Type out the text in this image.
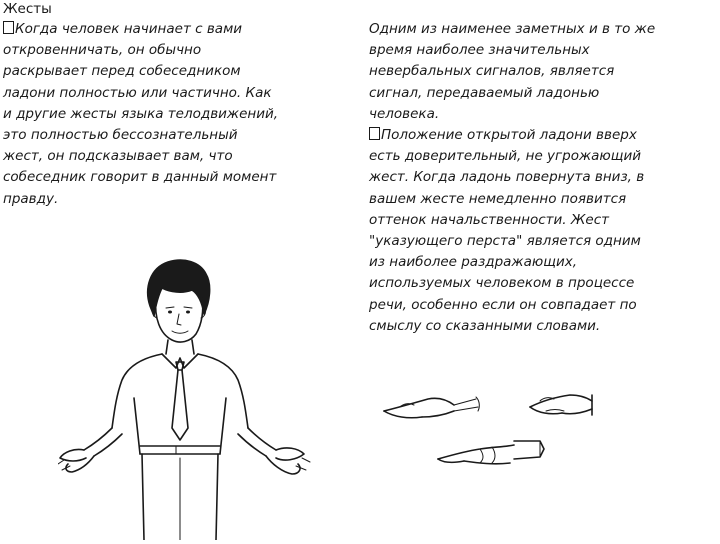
Жесты
Когда человек начинает с вами
откровенничать, он обычно
раскрывает перед собеседником
ладони полностью или частично. Как
и другие жесты языка телодвижений,
это полностью бессознательный
жест, он подсказывает вам, что
собеседник говорит в данный момент
правду.
Одним из наименее заметных и в то же
время наиболее значительных
невербальных сигналов, является
сигнал, передаваемый ладонью
человека.
Положение открытой ладони вверх
есть доверительный, не угрожающий
жест. Когда ладонь повернута вниз, в
вашем жесте немедленно появится
оттенок начальственности. Жест
"указующего перста" является одним
из наиболее раздражающих,
используемых человеком в процессе
речи, особенно если он совпадает по
смыслу со сказанными словами.
